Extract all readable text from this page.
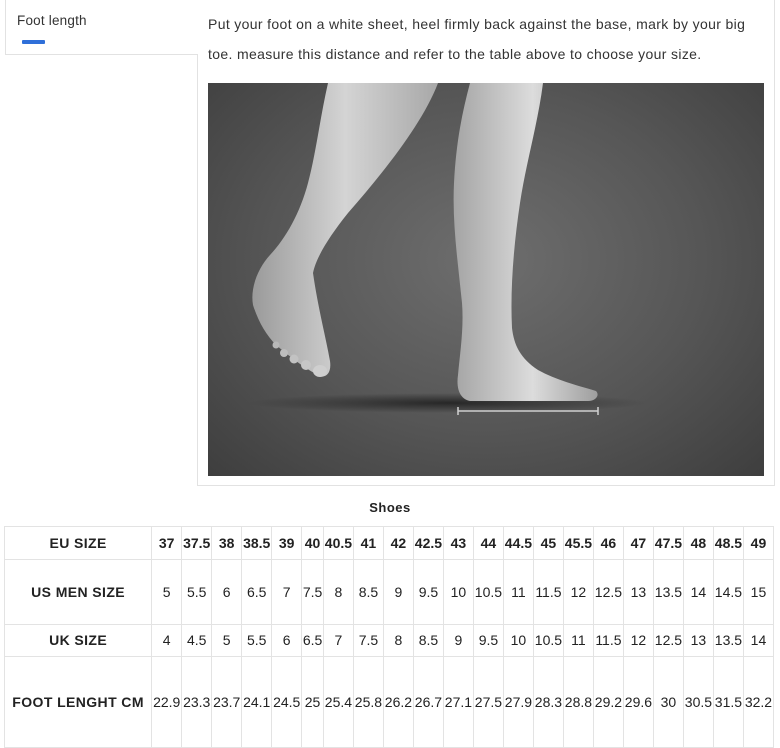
Foot length	Put your foot on a white sheet, heel firmly back against the base, mark by your big toe. measure this distance and refer to the table above to choose your size.

Shoes
EU SIZE	37	37.5	38	38.5	39	40	40.5	41	42	42.5	43	44	44.5	45	45.5	46	47	47.5	48	48.5	49
US MEN SIZE	5	5.5	6	6.5	7	7.5	8	8.5	9	9.5	10	10.5	11	11.5	12	12.5	13	13.5	14	14.5	15
UK SIZE	4	4.5	5	5.5	6	6.5	7	7.5	8	8.5	9	9.5	10	10.5	11	11.5	12	12.5	13	13.5	14
FOOT LENGHT CM	22.9	23.3	23.7	24.1	24.5	25	25.4	25.8	26.2	26.7	27.1	27.5	27.9	28.3	28.8	29.2	29.6	30	30.5	31.5	32.2
